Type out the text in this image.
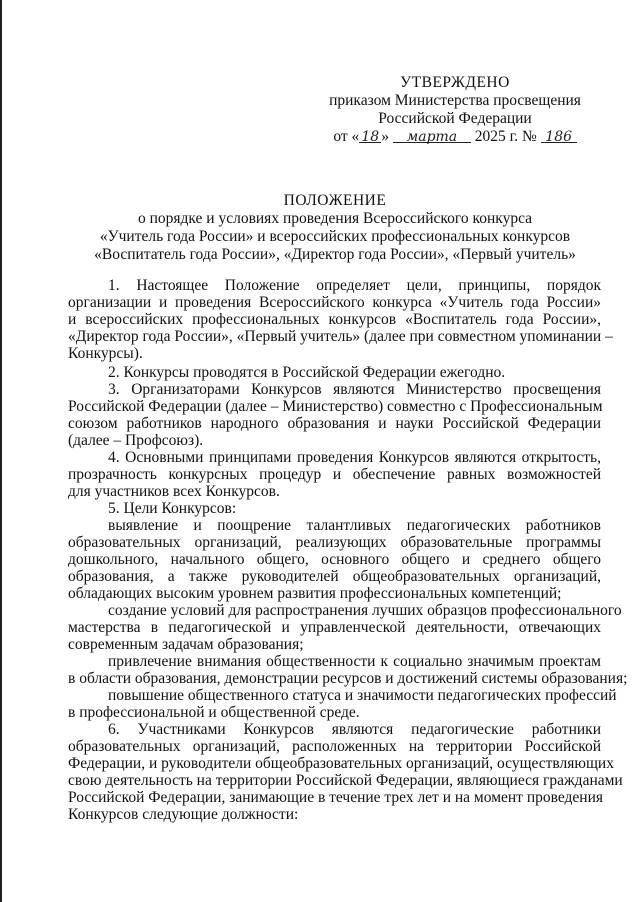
УТВЕРЖДЕНО
приказом Министерства просвещения
Российской Федерации
от « 18 » марта 2025 г. № 186
ПОЛОЖЕНИЕ
о порядке и условиях проведения Всероссийского конкурса
«Учитель года России» и всероссийских профессиональных конкурсов
«Воспитатель года России», «Директор года России», «Первый учитель»
1. Настоящее Положение определяет цели, принципы, порядок
организации и проведения Всероссийского конкурса «Учитель года России»
и всероссийских профессиональных конкурсов «Воспитатель года России»,
«Директор года России», «Первый учитель» (далее при совместном упоминании –
Конкурсы).
2. Конкурсы проводятся в Российской Федерации ежегодно.
3. Организаторами Конкурсов являются Министерство просвещения
Российской Федерации (далее – Министерство) совместно с Профессиональным
союзом работников народного образования и науки Российской Федерации
(далее – Профсоюз).
4. Основными принципами проведения Конкурсов являются открытость,
прозрачность конкурсных процедур и обеспечение равных возможностей
для участников всех Конкурсов.
5. Цели Конкурсов:
выявление и поощрение талантливых педагогических работников
образовательных организаций, реализующих образовательные программы
дошкольного, начального общего, основного общего и среднего общего
образования, а также руководителей общеобразовательных организаций,
обладающих высоким уровнем развития профессиональных компетенций;
создание условий для распространения лучших образцов профессионального
мастерства в педагогической и управленческой деятельности, отвечающих
современным задачам образования;
привлечение внимания общественности к социально значимым проектам
в области образования, демонстрации ресурсов и достижений системы образования;
повышение общественного статуса и значимости педагогических профессий
в профессиональной и общественной среде.
6. Участниками Конкурсов являются педагогические работники
образовательных организаций, расположенных на территории Российской
Федерации, и руководители общеобразовательных организаций, осуществляющих
свою деятельность на территории Российской Федерации, являющиеся гражданами
Российской Федерации, занимающие в течение трех лет и на момент проведения
Конкурсов следующие должности:
